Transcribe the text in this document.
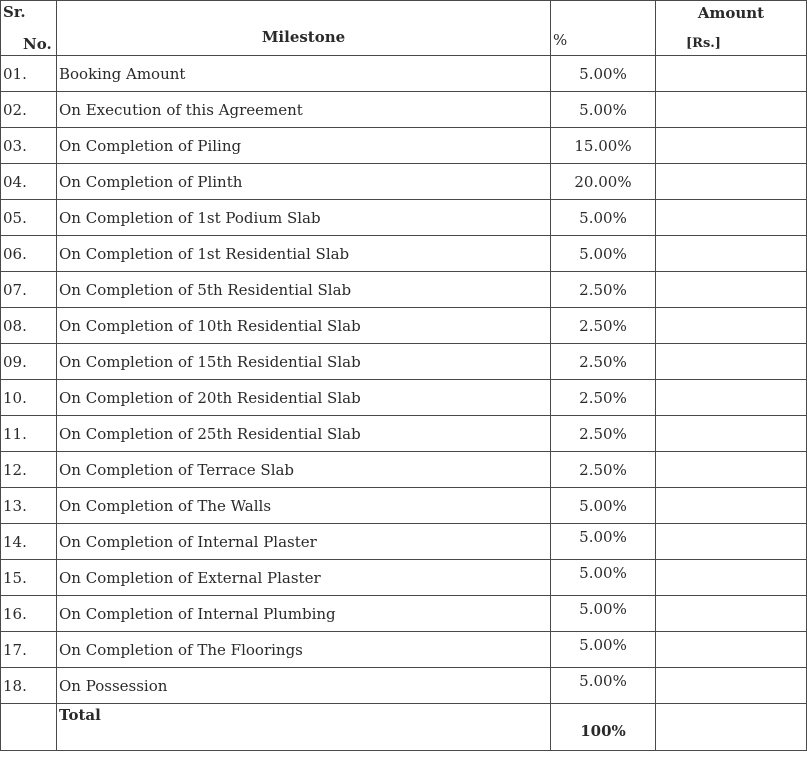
Sr.
No.	Milestone	%	Amount
[Rs.]

01.	Booking Amount	5.00%	
02.	On Execution of this Agreement	5.00%	
03.	On Completion of Piling	15.00%	
04.	On Completion of Plinth	20.00%	
05.	On Completion of 1st Podium Slab	5.00%	
06.	On Completion of 1st Residential Slab	5.00%	
07.	On Completion of 5th Residential Slab	2.50%	
08.	On Completion of 10th Residential Slab	2.50%	
09.	On Completion of 15th Residential Slab	2.50%	
10.	On Completion of 20th Residential Slab	2.50%	
11.	On Completion of 25th Residential Slab	2.50%	
12.	On Completion of Terrace Slab	2.50%	
13.	On Completion of The Walls	5.00%	
14.	On Completion of Internal Plaster	5.00%	
15.	On Completion of External Plaster	5.00%	
16.	On Completion of Internal Plumbing	5.00%	
17.	On Completion of The Floorings	5.00%	
18.	On Possession	5.00%	
	Total	100%	
